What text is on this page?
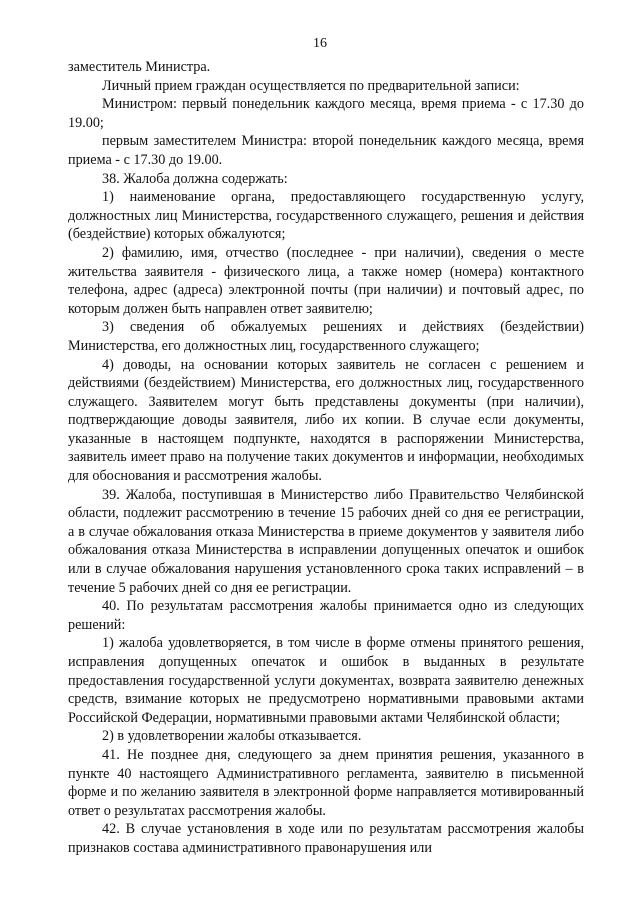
16

заместитель Министра.

Личный прием граждан осуществляется по предварительной записи:

Министром: первый понедельник каждого месяца, время приема - с 17.30 до 19.00;

первым заместителем Министра: второй понедельник каждого месяца, время приема - с 17.30 до 19.00.

38. Жалоба должна содержать:

1) наименование органа, предоставляющего государственную услугу, должностных лиц Министерства, государственного служащего, решения и действия (бездействие) которых обжалуются;

2) фамилию, имя, отчество (последнее - при наличии), сведения о месте жительства заявителя - физического лица, а также номер (номера) контактного телефона, адрес (адреса) электронной почты (при наличии) и почтовый адрес, по которым должен быть направлен ответ заявителю;

3) сведения об обжалуемых решениях и действиях (бездействии) Министерства, его должностных лиц, государственного служащего;

4) доводы, на основании которых заявитель не согласен с решением и действиями (бездействием) Министерства, его должностных лиц, государственного служащего. Заявителем могут быть представлены документы (при наличии), подтверждающие доводы заявителя, либо их копии. В случае если документы, указанные в настоящем подпункте, находятся в распоряжении Министерства, заявитель имеет право на получение таких документов и информации, необходимых для обоснования и рассмотрения жалобы.

39. Жалоба, поступившая в Министерство либо Правительство Челябинской области, подлежит рассмотрению в течение 15 рабочих дней со дня ее регистрации, а в случае обжалования отказа Министерства в приеме документов у заявителя либо обжалования отказа Министерства в исправлении допущенных опечаток и ошибок или в случае обжалования нарушения установленного срока таких исправлений – в течение 5 рабочих дней со дня ее регистрации.

40. По результатам рассмотрения жалобы принимается одно из следующих решений:

1) жалоба удовлетворяется, в том числе в форме отмены принятого решения, исправления допущенных опечаток и ошибок в выданных в результате предоставления государственной услуги документах, возврата заявителю денежных средств, взимание которых не предусмотрено нормативными правовыми актами Российской Федерации, нормативными правовыми актами Челябинской области;

2) в удовлетворении жалобы отказывается.

41. Не позднее дня, следующего за днем принятия решения, указанного в пункте 40 настоящего Административного регламента, заявителю в письменной форме и по желанию заявителя в электронной форме направляется мотивированный ответ о результатах рассмотрения жалобы.

42. В случае установления в ходе или по результатам рассмотрения жалобы признаков состава административного правонарушения или
